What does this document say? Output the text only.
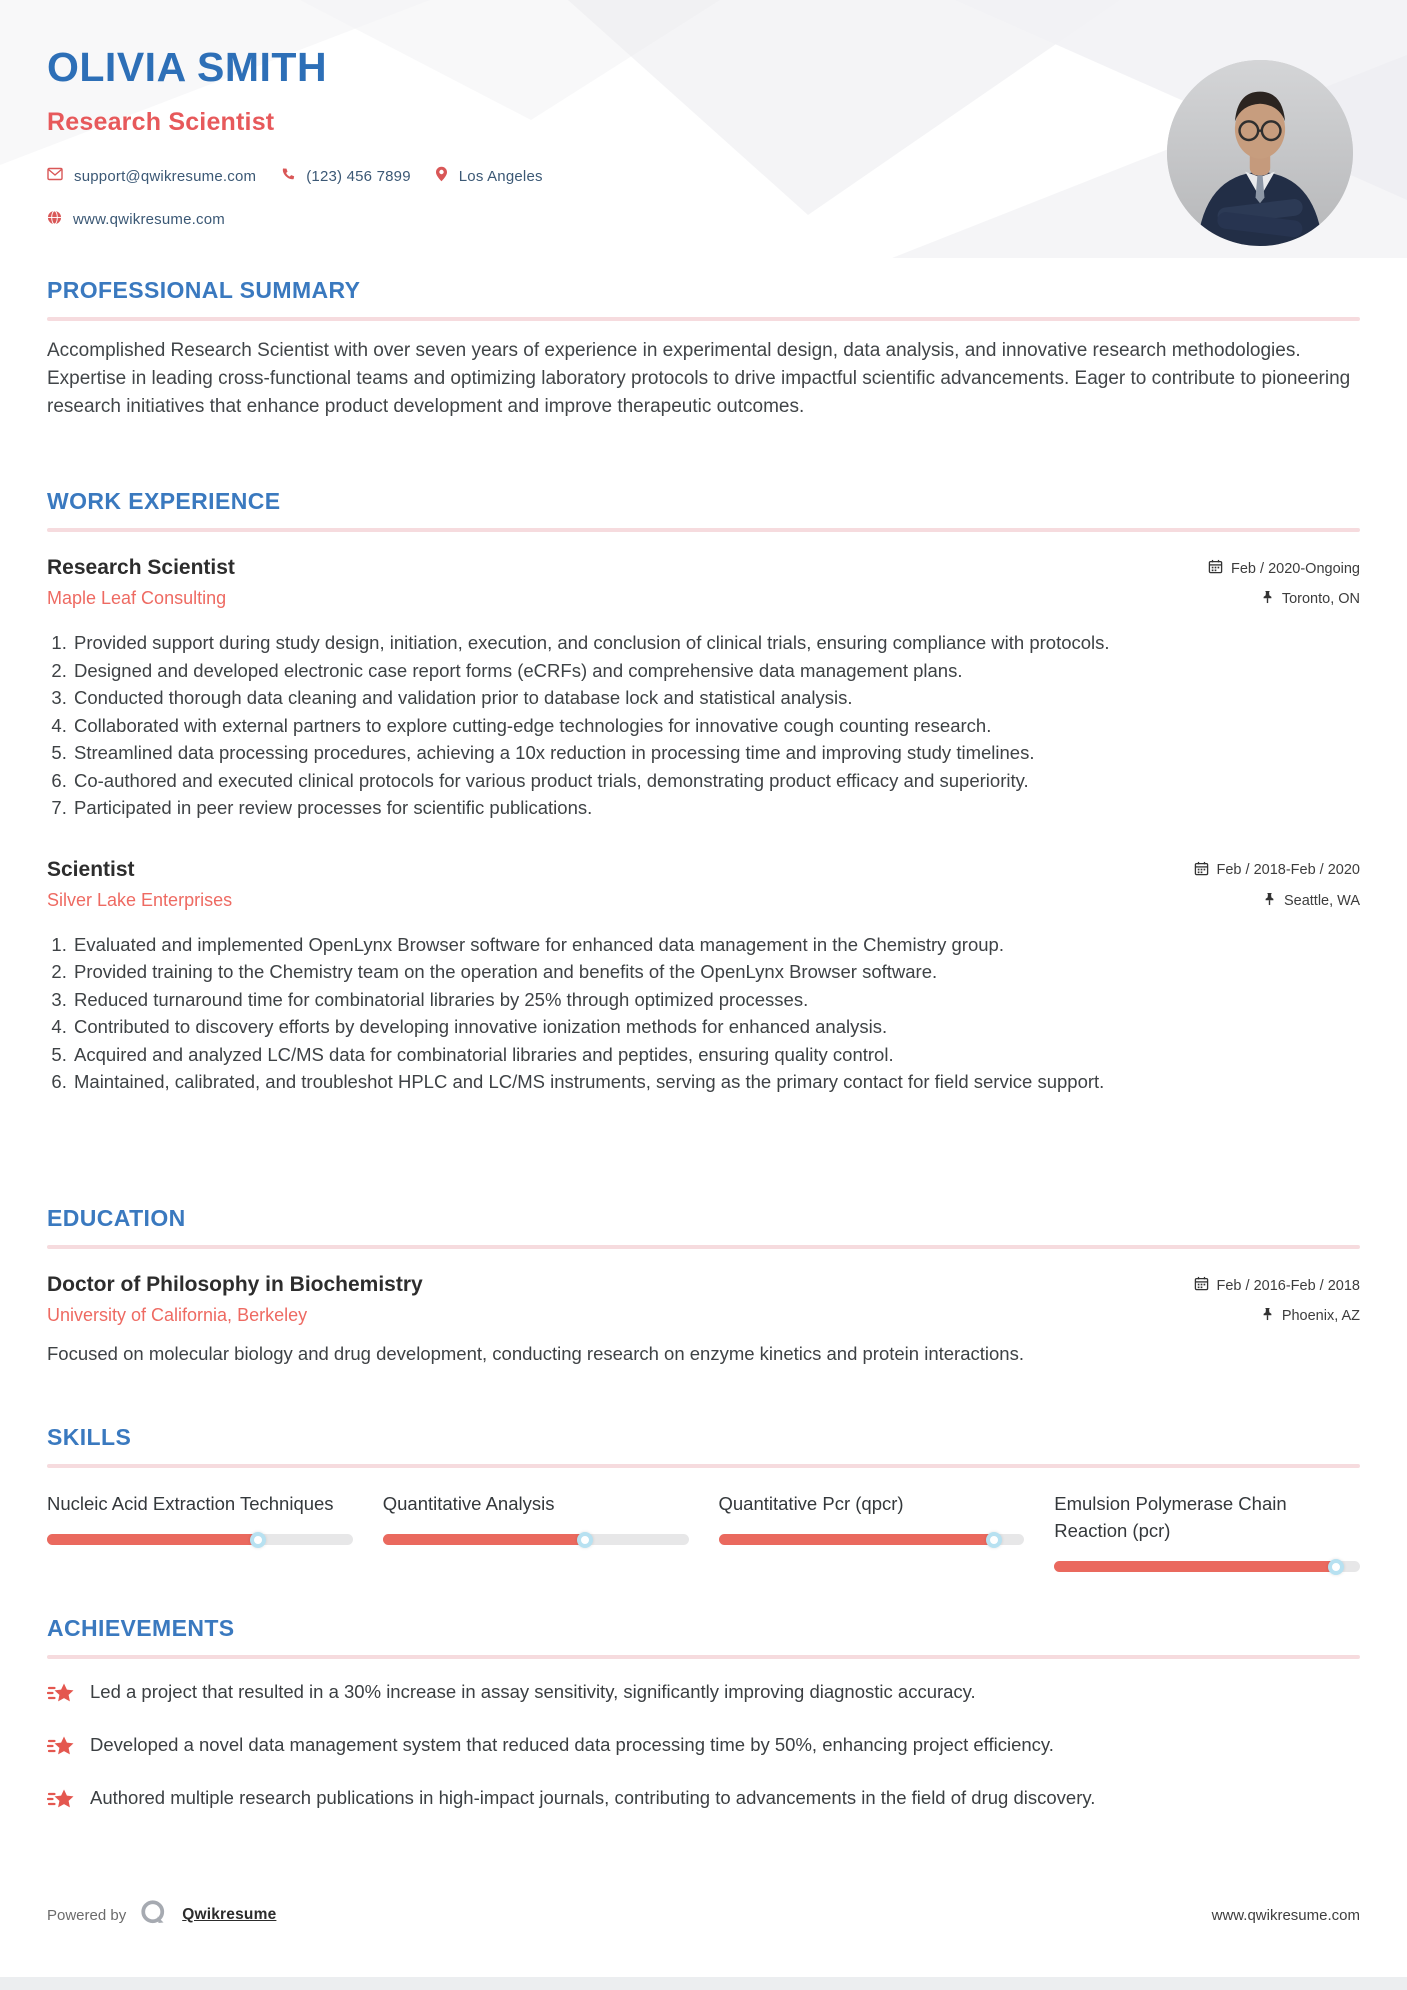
OLIVIA SMITH
Research Scientist
support@qwikresume.com	(123) 456 7899	Los Angeles
www.qwikresume.com
PROFESSIONAL SUMMARY

Accomplished Research Scientist with over seven years of experience in experimental design, data analysis, and innovative research methodologies. Expertise in leading cross-functional teams and optimizing laboratory protocols to drive impactful scientific advancements. Eager to contribute to pioneering research initiatives that enhance product development and improve therapeutic outcomes.

WORK EXPERIENCE
Research Scientist	Feb / 2020-Ongoing
Maple Leaf Consulting	Toronto, ON
1. Provided support during study design, initiation, execution, and conclusion of clinical trials, ensuring compliance with protocols.
2. Designed and developed electronic case report forms (eCRFs) and comprehensive data management plans.
3. Conducted thorough data cleaning and validation prior to database lock and statistical analysis.
4. Collaborated with external partners to explore cutting-edge technologies for innovative cough counting research.
5. Streamlined data processing procedures, achieving a 10x reduction in processing time and improving study timelines.
6. Co-authored and executed clinical protocols for various product trials, demonstrating product efficacy and superiority.
7. Participated in peer review processes for scientific publications.
Scientist	Feb / 2018-Feb / 2020
Silver Lake Enterprises	Seattle, WA
1. Evaluated and implemented OpenLynx Browser software for enhanced data management in the Chemistry group.
2. Provided training to the Chemistry team on the operation and benefits of the OpenLynx Browser software.
3. Reduced turnaround time for combinatorial libraries by 25% through optimized processes.
4. Contributed to discovery efforts by developing innovative ionization methods for enhanced analysis.
5. Acquired and analyzed LC/MS data for combinatorial libraries and peptides, ensuring quality control.
6. Maintained, calibrated, and troubleshot HPLC and LC/MS instruments, serving as the primary contact for field service support.
EDUCATION
Doctor of Philosophy in Biochemistry	Feb / 2016-Feb / 2018
University of California, Berkeley	Phoenix, AZ

Focused on molecular biology and drug development, conducting research on enzyme kinetics and protein interactions.

SKILLS

Nucleic Acid Extraction Techniques	Quantitative Analysis	Quantitative Pcr (qpcr)	Emulsion Polymerase Chain Reaction (pcr)

ACHIEVEMENTS
Led a project that resulted in a 30% increase in assay sensitivity, significantly improving diagnostic accuracy.
Developed a novel data management system that reduced data processing time by 50%, enhancing project efficiency.
Authored multiple research publications in high-impact journals, contributing to advancements in the field of drug discovery.
Powered by	Qwikresume	www.qwikresume.com
